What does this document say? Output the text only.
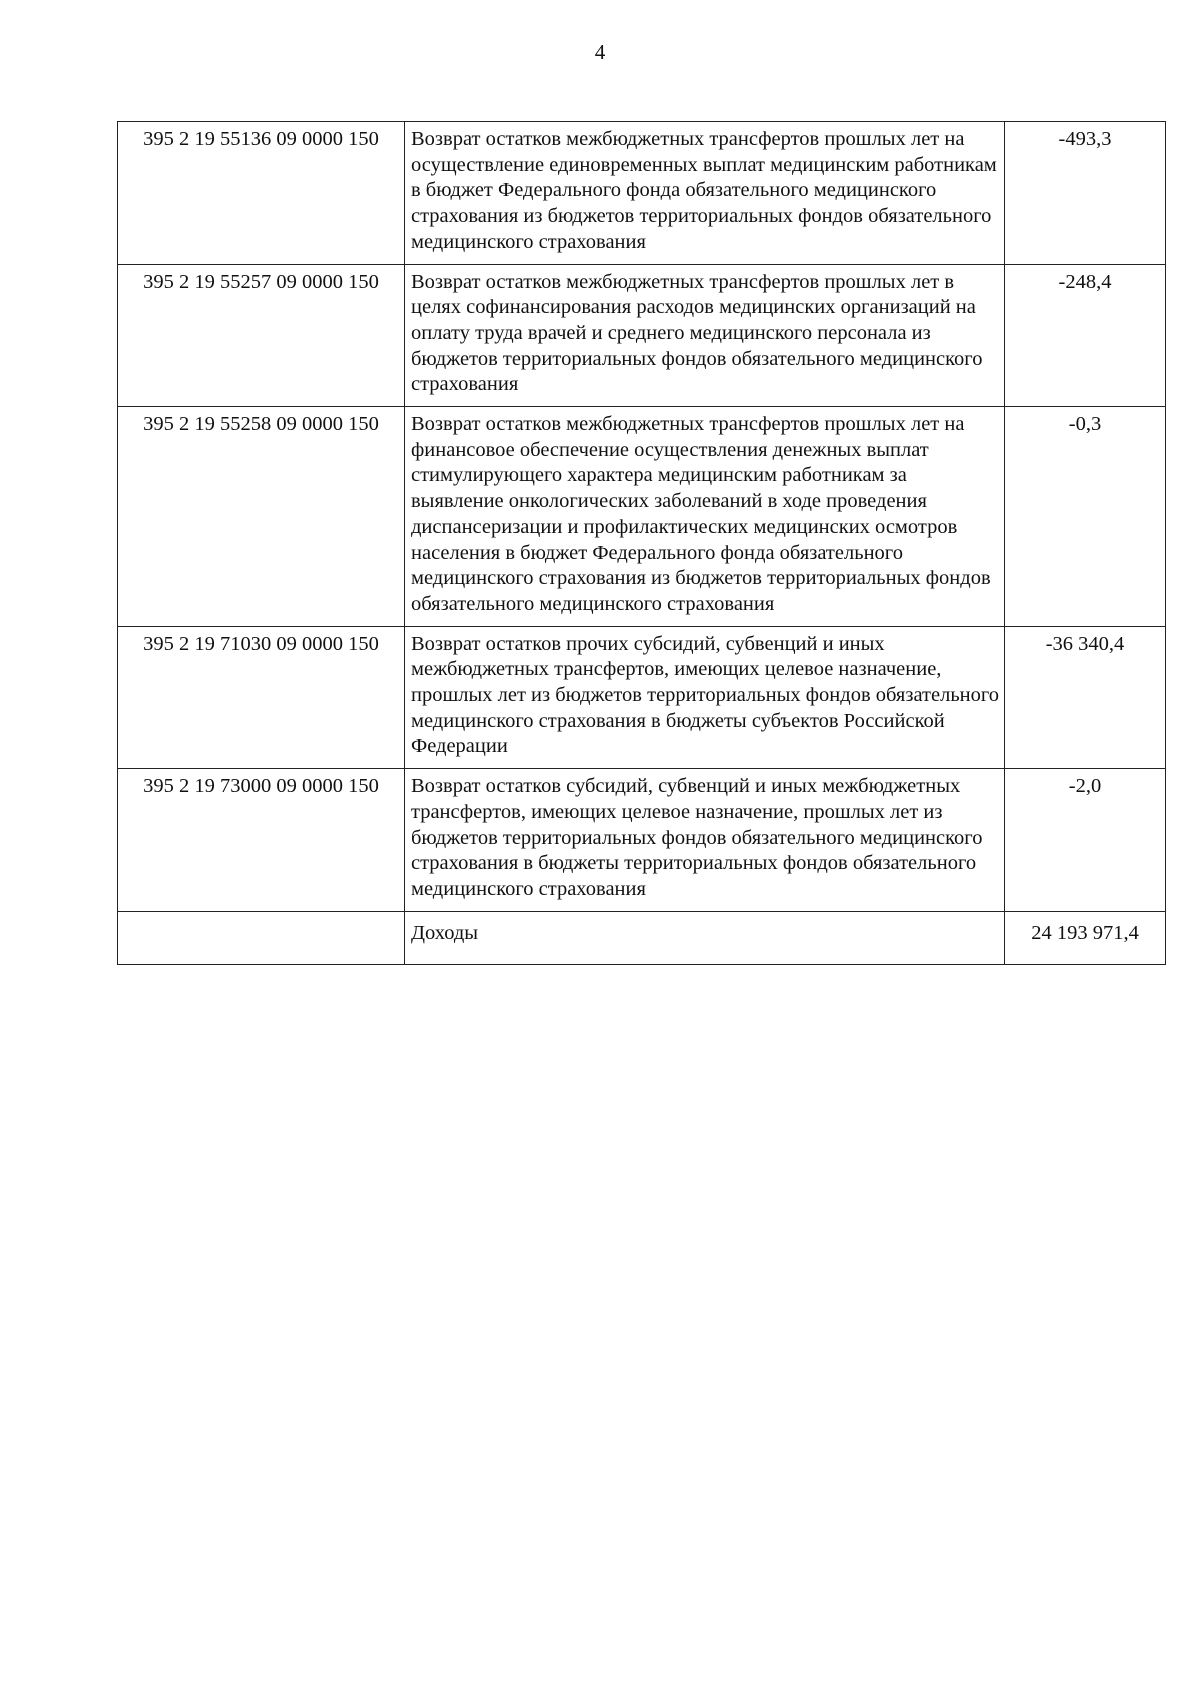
4
395 2 19 55136 09 0000 150	Возврат остатков межбюджетных трансфертов прошлых лет на осуществление единовременных выплат медицинским работникам в бюджет Федерального фонда обязательного медицинского страхования из бюджетов территориальных фондов обязательного медицинского страхования	-493,3
395 2 19 55257 09 0000 150	Возврат остатков межбюджетных трансфертов прошлых лет в целях софинансирования расходов медицинских организаций на оплату труда врачей и среднего медицинского персонала из бюджетов территориальных фондов обязательного медицинского страхования	-248,4
395 2 19 55258 09 0000 150	Возврат остатков межбюджетных трансфертов прошлых лет на финансовое обеспечение осуществления денежных выплат стимулирующего характера медицинским работникам за выявление онкологических заболеваний в ходе проведения диспансеризации и профилактических медицинских осмотров населения в бюджет Федерального фонда обязательного медицинского страхования из бюджетов территориальных фондов обязательного медицинского страхования	-0,3
395 2 19 71030 09 0000 150	Возврат остатков прочих субсидий, субвенций и иных межбюджетных трансфертов, имеющих целевое назначение, прошлых лет из бюджетов территориальных фондов обязательного медицинского страхования в бюджеты субъектов Российской Федерации	-36 340,4
395 2 19 73000 09 0000 150	Возврат остатков субсидий, субвенций и иных межбюджетных трансфертов, имеющих целевое назначение, прошлых лет из бюджетов территориальных фондов обязательного медицинского страхования в бюджеты территориальных фондов обязательного медицинского страхования	-2,0
	Доходы	24 193 971,4
